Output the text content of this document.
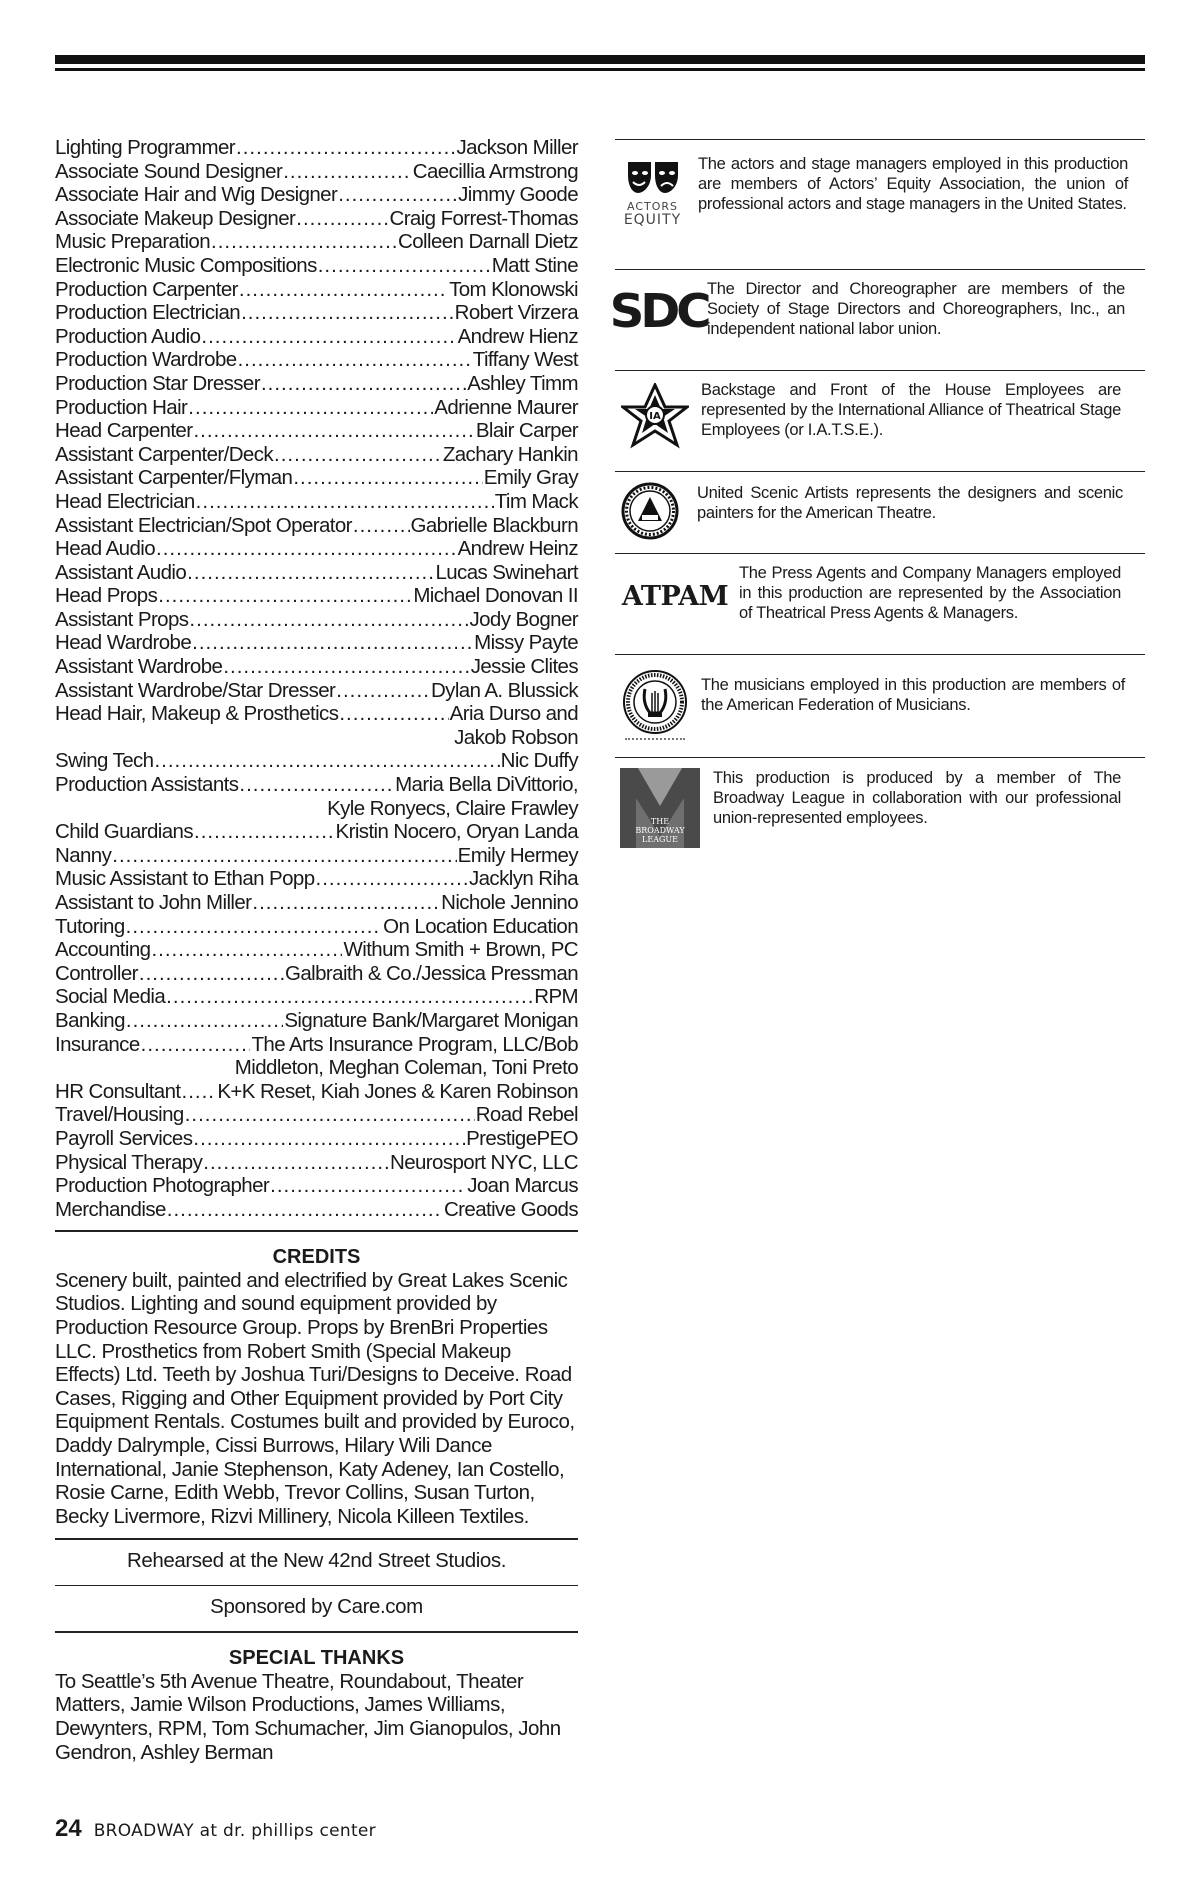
Lighting Programmer .....	Jackson Miller
Associate Sound Designer .....	Caecillia Armstrong
Associate Hair and Wig Designer .....	Jimmy Goode
Associate Makeup Designer .....	Craig Forrest-Thomas
Music Preparation .....	Colleen Darnall Dietz
Electronic Music Compositions .....	Matt Stine
Production Carpenter .....	Tom Klonowski
Production Electrician .....	Robert Virzera
Production Audio .....	Andrew Hienz
Production Wardrobe .....	Tiffany West
Production Star Dresser .....	Ashley Timm
Production Hair .....	Adrienne Maurer
Head Carpenter .....	Blair Carper
Assistant Carpenter/Deck .....	Zachary Hankin
Assistant Carpenter/Flyman .....	Emily Gray
Head Electrician .....	Tim Mack
Assistant Electrician/Spot Operator .....	Gabrielle Blackburn
Head Audio .....	Andrew Heinz
Assistant Audio .....	Lucas Swinehart
Head Props .....	Michael Donovan II
Assistant Props .....	Jody Bogner
Head Wardrobe .....	Missy Payte
Assistant Wardrobe .....	Jessie Clites
Assistant Wardrobe/Star Dresser .....	Dylan A. Blussick
Head Hair, Makeup & Prosthetics .....	Aria Durso and
Jakob Robson
Swing Tech .....	Nic Duffy
Production Assistants .....	Maria Bella DiVittorio,
Kyle Ronyecs, Claire Frawley
Child Guardians .....	Kristin Nocero, Oryan Landa
Nanny .....	Emily Hermey
Music Assistant to Ethan Popp .....	Jacklyn Riha
Assistant to John Miller .....	Nichole Jennino
Tutoring .....	On Location Education
Accounting .....	Withum Smith + Brown, PC
Controller .....	Galbraith & Co./Jessica Pressman
Social Media .....	RPM
Banking .....	Signature Bank/Margaret Monigan
Insurance .....	The Arts Insurance Program, LLC/Bob
Middleton, Meghan Coleman, Toni Preto
HR Consultant ..... K+K Reset, Kiah Jones & Karen Robinson
Travel/Housing .....	Road Rebel
Payroll Services .....	PrestigePEO
Physical Therapy .....	Neurosport NYC, LLC
Production Photographer .....	Joan Marcus
Merchandise .....	Creative Goods
CREDITS

Scenery built, painted and electrified by Great Lakes Scenic Studios. Lighting and sound equipment provided by Production Resource Group. Props by BrenBri Properties LLC. Prosthetics from Robert Smith (Special Makeup Effects) Ltd. Teeth by Joshua Turi/Designs to Deceive. Road Cases, Rigging and Other Equipment provided by Port City Equipment Rentals. Costumes built and provided by Euroco, Daddy Dalrymple, Cissi Burrows, Hilary Wili Dance International, Janie Stephenson, Katy Adeney, Ian Costello, Rosie Carne, Edith Webb, Trevor Collins, Susan Turton, Becky Livermore, Rizvi Millinery, Nicola Killeen Textiles.

Rehearsed at the New 42nd Street Studios.
Sponsored by Care.com
SPECIAL THANKS

To Seattle’s 5th Avenue Theatre, Roundabout, Theater Matters, Jamie Wilson Productions, James Williams, Dewynters, RPM, Tom Schumacher, Jim Gianopulos, John Gendron, Ashley Berman

ACTORS
EQUITY
The actors and stage managers employed in this production are members of Actors’ Equity Association, the union of professional actors and stage managers in the United States.
SDC The Director and Choreographer are members of the Society of Stage Directors and Choreographers, Inc., an independent national labor union.
IA
Backstage and Front of the House Employees are represented by the International Alliance of Theatrical Stage Employees (or I.A.T.S.E.).
United Scenic Artists represents the designers and scenic painters for the American Theatre.
ATPAM
The Press Agents and Company Managers employed in this production are represented by the Association of Theatrical Press Agents & Managers.
The musicians employed in this production are members of the American Federation of Musicians.
THE
BROADWAY
LEAGUE
This production is produced by a member of The Broadway League in collaboration with our professional union-represented employees.
24 BROADWAY at dr. phillips center
